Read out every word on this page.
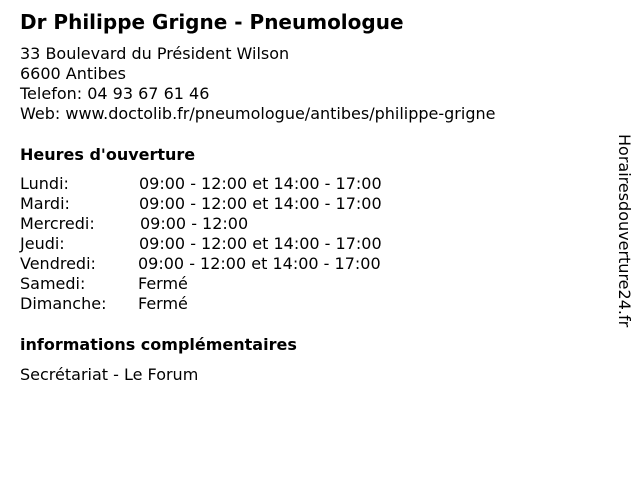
Dr Philippe Grigne - Pneumologue
33 Boulevard du Président Wilson
6600 Antibes
Telefon: 04 93 67 61 46
Web: www.doctolib.fr/pneumologue/antibes/philippe-grigne
Heures d'ouverture
Lundi:	09:00 - 12:00 et 14:00 - 17:00
Mardi:	09:00 - 12:00 et 14:00 - 17:00
Mercredi:	09:00 - 12:00
Jeudi:	09:00 - 12:00 et 14:00 - 17:00
Vendredi:	09:00 - 12:00 et 14:00 - 17:00
Samedi:	Fermé
Dimanche: Fermé
informations complémentaires
Secrétariat - Le Forum
Horairesdouverture24.fr
